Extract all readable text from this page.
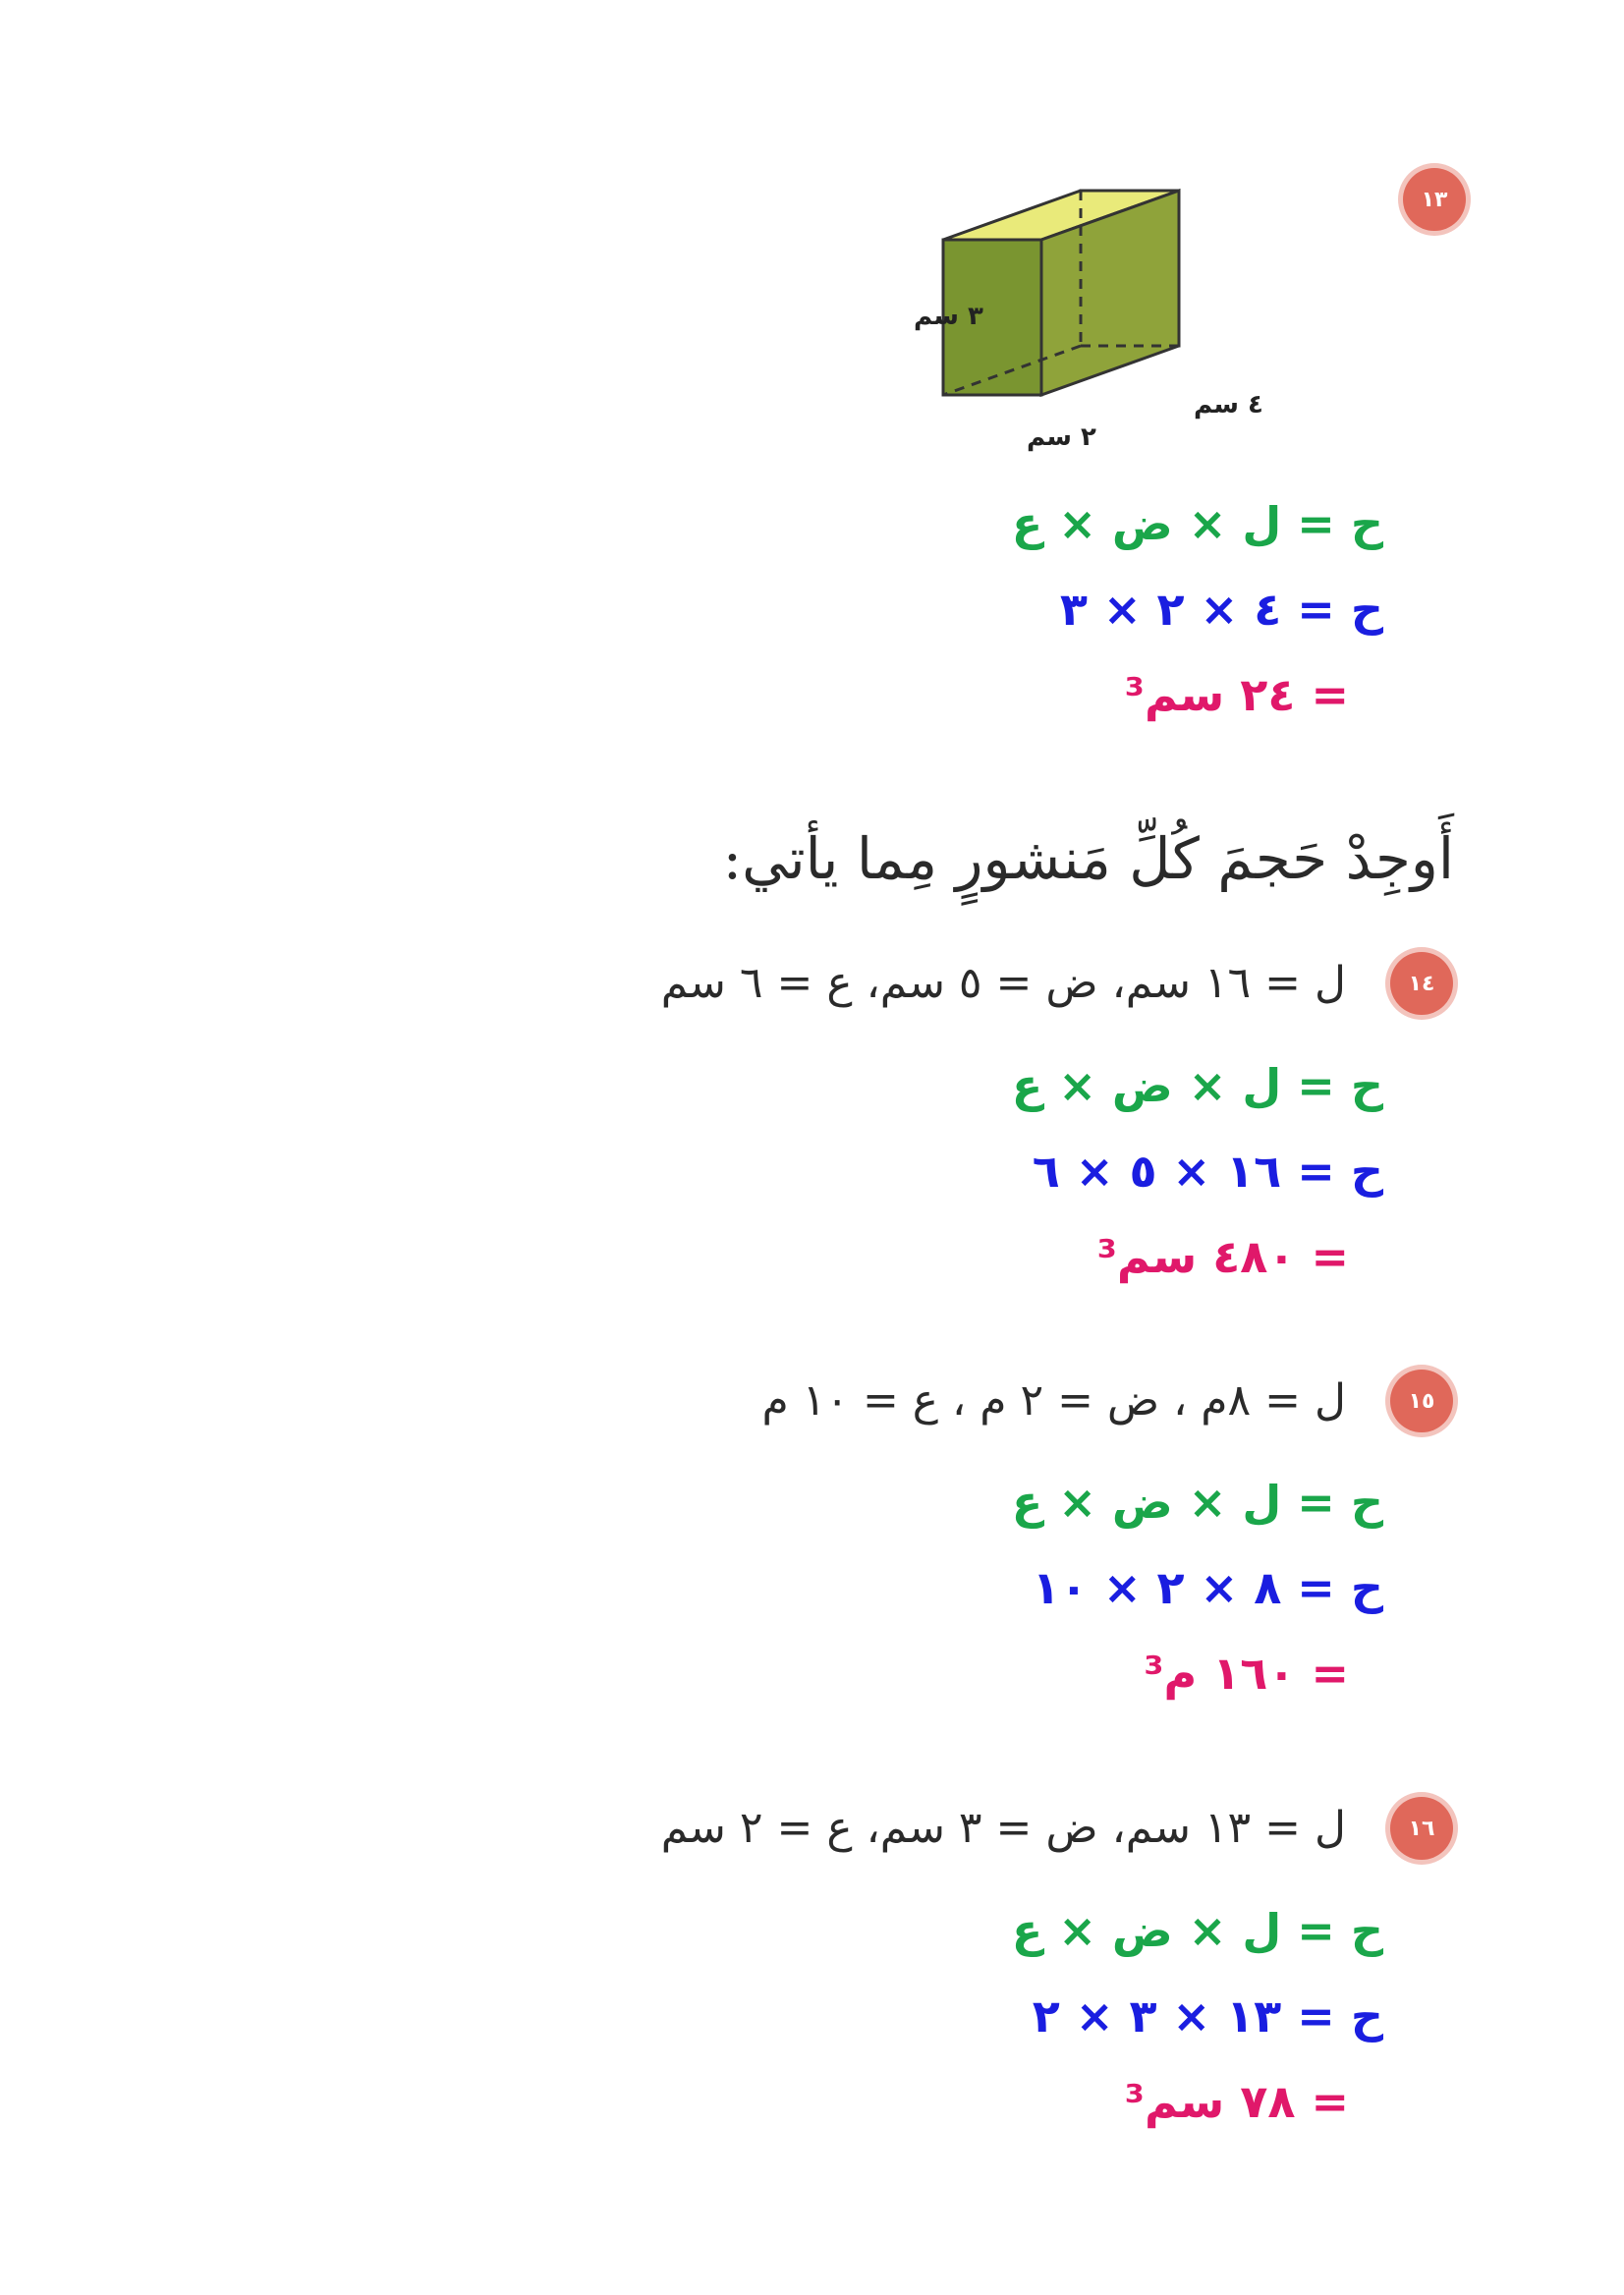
١٣
٣ سم
٤ سم
٢ سم
ح = ل × ض × ع
ح = ٤ × ٢ × ٣
= ٢٤ سم³
أَوجِدْ حَجمَ كُلِّ مَنشورٍ مِما يأتي:
١٤
ل = ١٦ سم، ض = ٥ سم، ع = ٦ سم
ح = ل × ض × ع
ح = ١٦ × ٥ × ٦
= ٤٨٠ سم³
١٥
ل = ٨م ، ض = ٢ م ، ع = ١٠ م
ح = ل × ض × ع
ح = ٨ × ٢ × ١٠
= ١٦٠ م³
١٦
ل = ١٣ سم، ض = ٣ سم، ع = ٢ سم
ح = ل × ض × ع
ح = ١٣ × ٣ × ٢
= ٧٨ سم³
